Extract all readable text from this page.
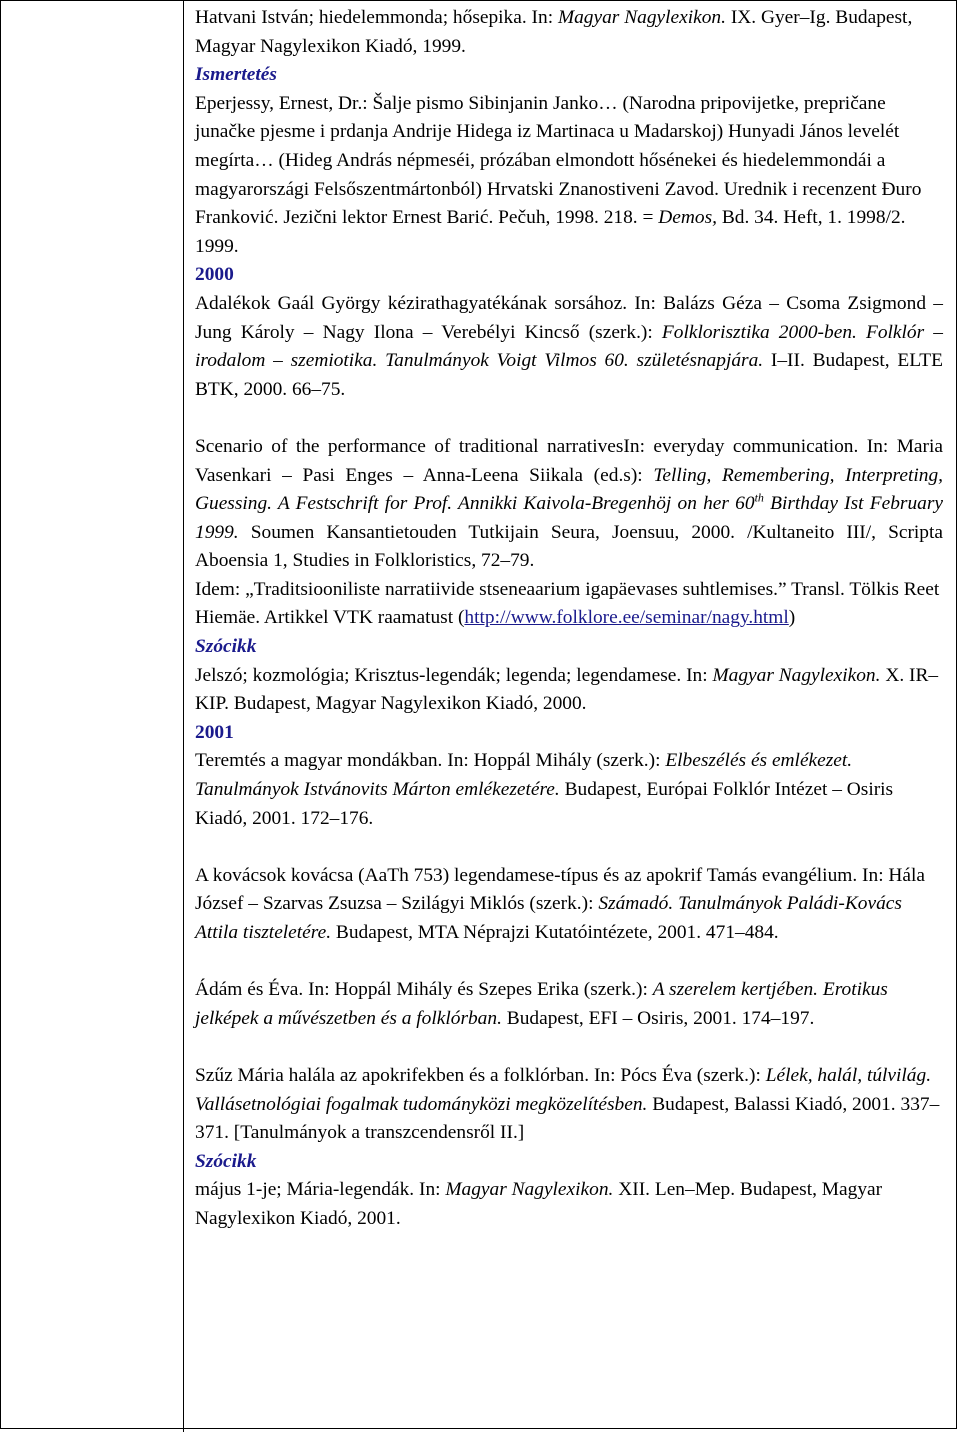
Hatvani István; hiedelemmonda; hősepika. In: Magyar Nagylexikon. IX. Gyer–Ig. Budapest, Magyar Nagylexikon Kiadó, 1999.

Ismertetés

Eperjessy, Ernest, Dr.: Šalje pismo Sibinjanin Janko… (Narodna pripovijetke, prepričane junačke pjesme i prdanja Andrije Hidega iz Martinaca u Madarskoj) Hunyadi János levelét megírta… (Hideg András népmeséi, prózában elmondott hősénekei és hiedelemmondái a magyarországi Felsőszentmártonból) Hrvatski Znanostiveni Zavod. Urednik i recenzent Đuro Franković. Jezični lektor Ernest Barić. Pečuh, 1998. 218. = Demos, Bd. 34. Heft, 1. 1998/2. 1999.

2000

Adalékok Gaál György kézirathagyatékának sorsához. In: Balázs Géza – Csoma Zsigmond – Jung Károly – Nagy Ilona – Verebélyi Kincső (szerk.): Folklorisztika 2000-ben. Folklór – irodalom – szemiotika. Tanulmányok Voigt Vilmos 60. születésnapjára. I–II. Budapest, ELTE BTK, 2000. 66–75.

Scenario of the performance of traditional narrativesIn: everyday communication. In: Maria Vasenkari – Pasi Enges – Anna-Leena Siikala (ed.s): Telling, Remembering, Interpreting, Guessing. A Festschrift for Prof. Annikki Kaivola-Bregenhöj on her 60th Birthday Ist February 1999. Soumen Kansantietouden Tutkijain Seura, Joensuu, 2000. /Kultaneito III/, Scripta Aboensia 1, Studies in Folkloristics, 72–79.

Idem: „Traditsiooniliste narratiivide stseneaarium igapäevases suhtlemises.” Transl. Tölkis Reet Hiemäe. Artikkel VTK raamatust (http://www.folklore.ee/seminar/nagy.html)

Szócikk

Jelszó; kozmológia; Krisztus-legendák; legenda; legendamese. In: Magyar Nagylexikon. X. IR–KIP. Budapest, Magyar Nagylexikon Kiadó, 2000.

2001

Teremtés a magyar mondákban. In: Hoppál Mihály (szerk.): Elbeszélés és emlékezet. Tanulmányok Istvánovits Márton emlékezetére. Budapest, Európai Folklór Intézet – Osiris Kiadó, 2001. 172–176.

A kovácsok kovácsa (AaTh 753) legendamese-típus és az apokrif Tamás evangélium. In: Hála József – Szarvas Zsuzsa – Szilágyi Miklós (szerk.): Számadó. Tanulmányok Paládi-Kovács Attila tiszteletére. Budapest, MTA Néprajzi Kutatóintézete, 2001. 471–484.

Ádám és Éva. In: Hoppál Mihály és Szepes Erika (szerk.): A szerelem kertjében. Erotikus jelképek a művészetben és a folklórban. Budapest, EFI – Osiris, 2001. 174–197.

Szűz Mária halála az apokrifekben és a folklórban. In: Pócs Éva (szerk.): Lélek, halál, túlvilág. Vallásetnológiai fogalmak tudományközi megközelítésben. Budapest, Balassi Kiadó, 2001. 337–371. [Tanulmányok a transzcendensről II.]

Szócikk

május 1-je; Mária-legendák. In: Magyar Nagylexikon. XII. Len–Mep. Budapest, Magyar Nagylexikon Kiadó, 2001.
